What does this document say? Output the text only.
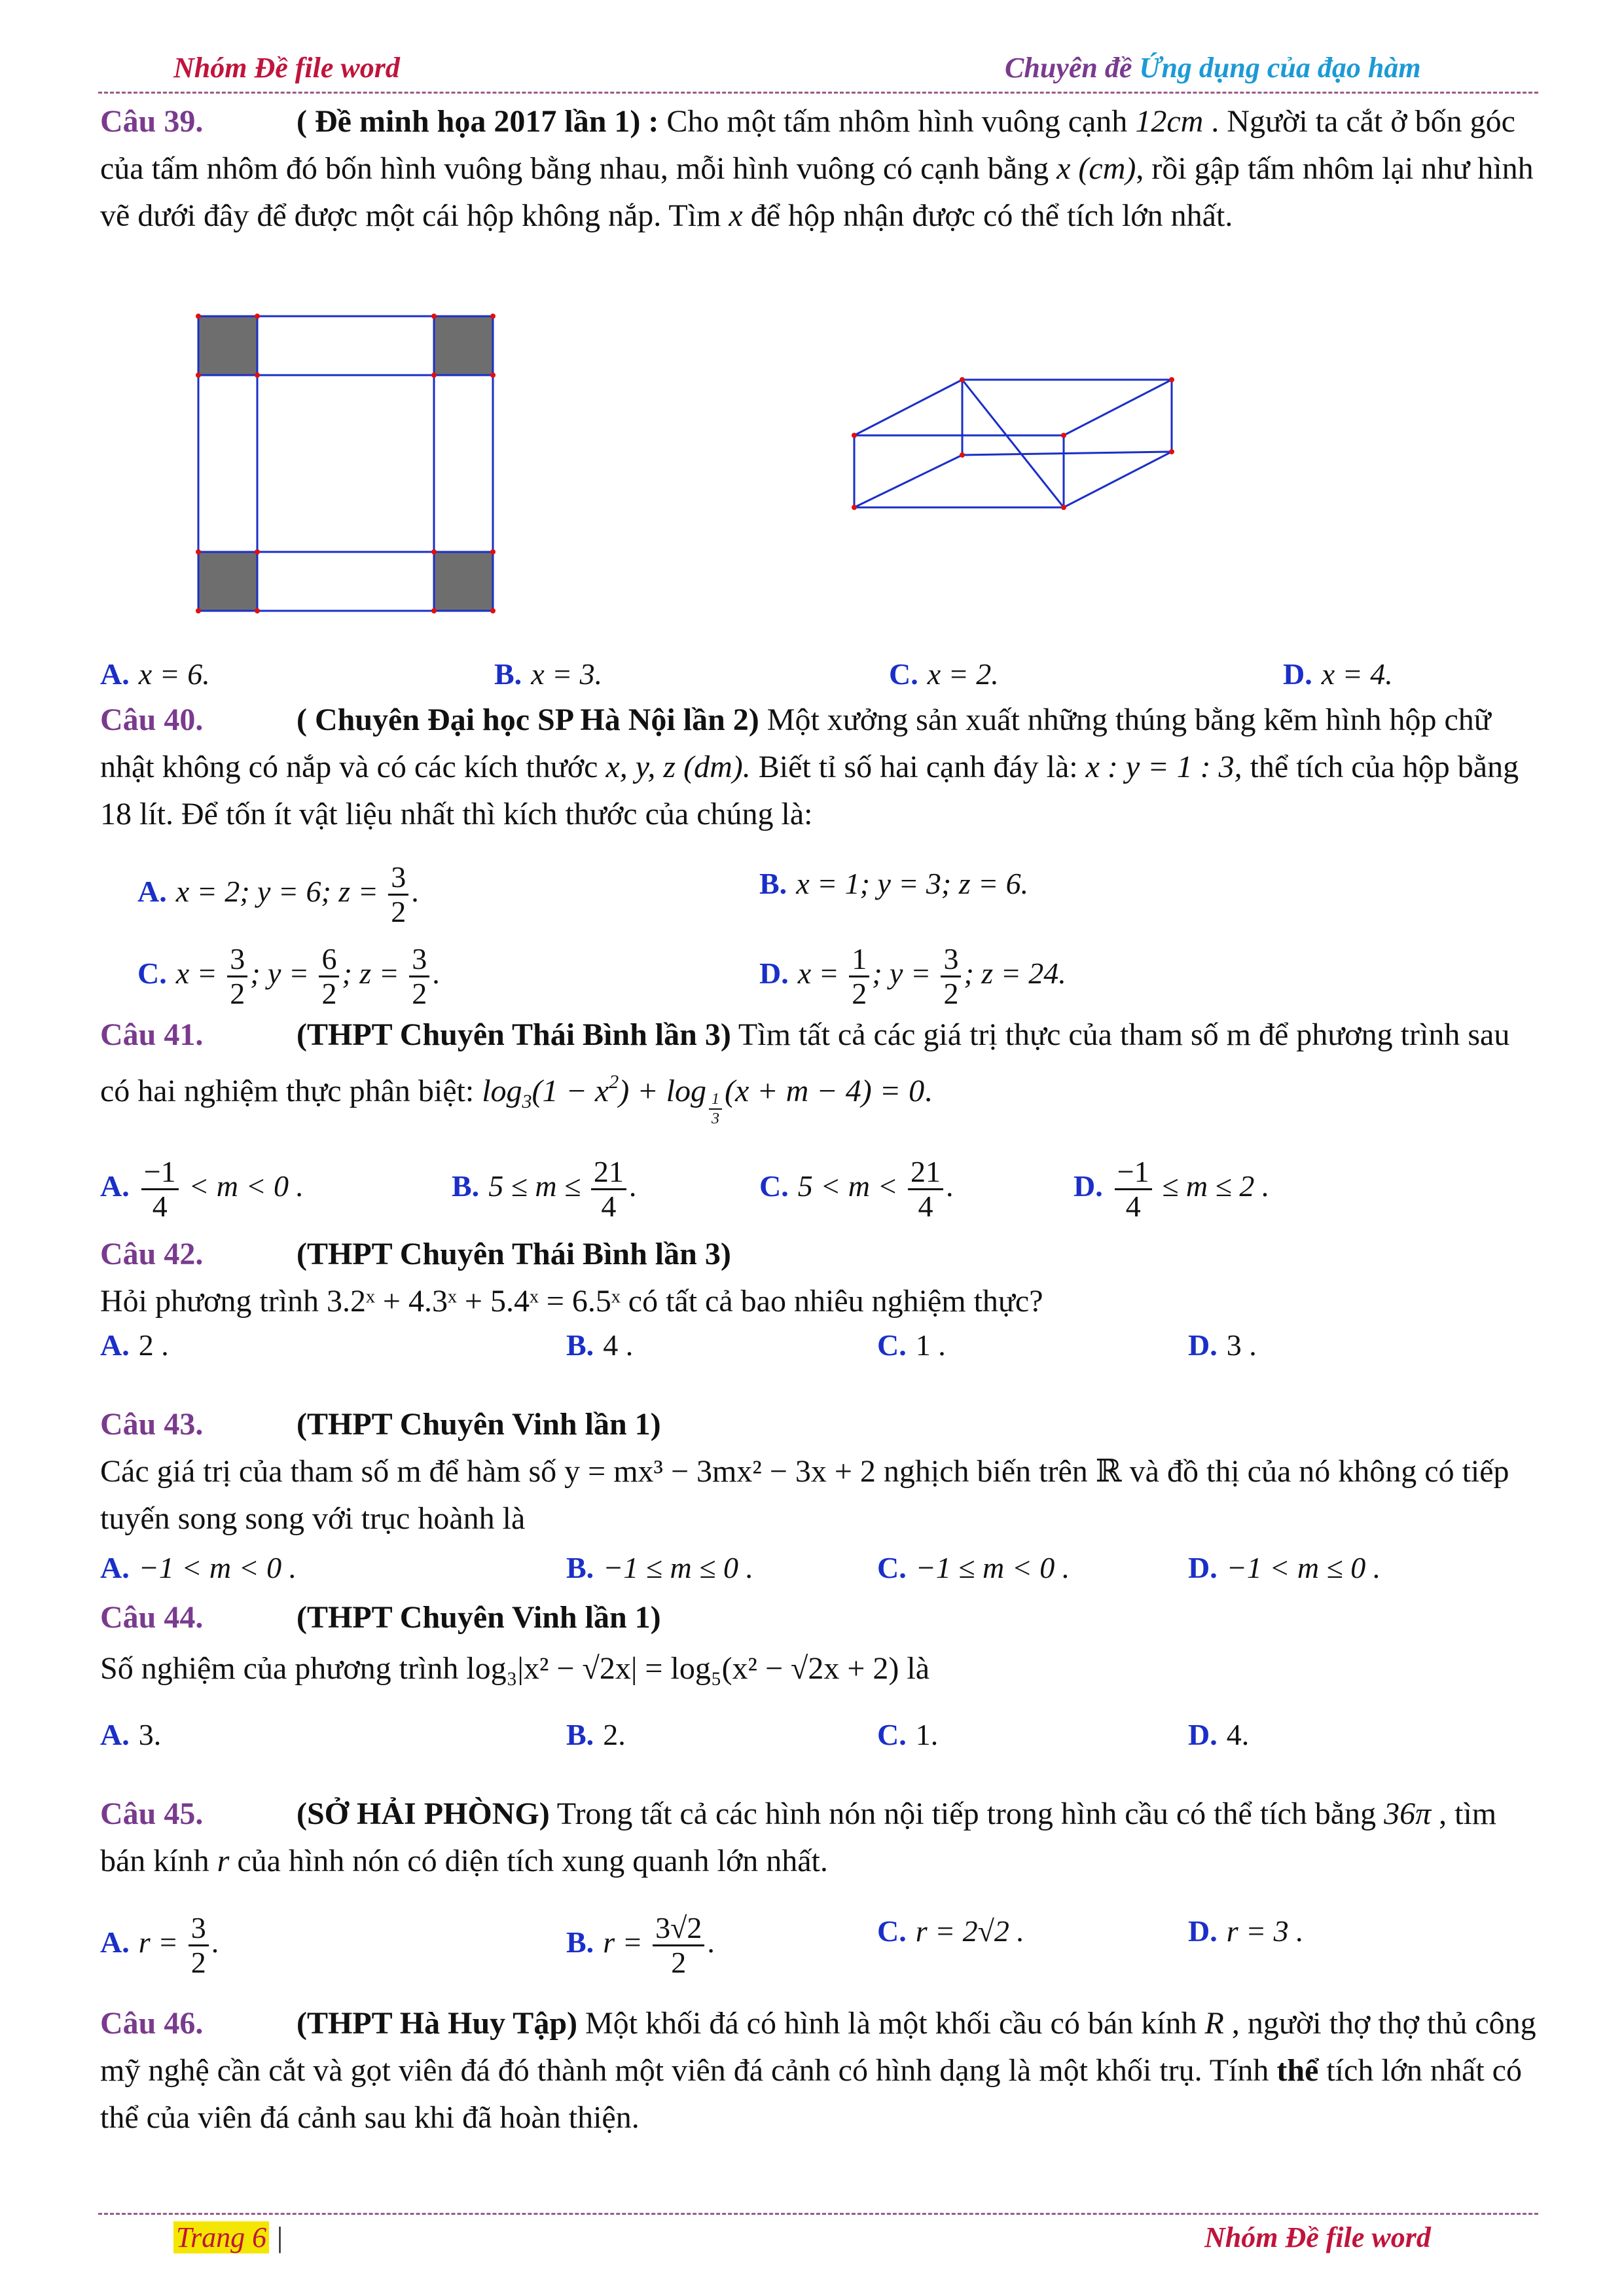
Nhóm Đề file word	Chuyên đề Ứng dụng của đạo hàm
Câu 39.	( Đề minh họa 2017 lần 1) : Cho một tấm nhôm hình vuông cạnh 12cm . Người ta cắt ở bốn góc của tấm nhôm đó bốn hình vuông bằng nhau, mỗi hình vuông có cạnh bằng x (cm), rồi gập tấm nhôm lại như hình vẽ dưới đây để được một cái hộp không nắp. Tìm x để hộp nhận được có thể tích lớn nhất.
A. x = 6.	B. x = 3.	C. x = 2.	D. x = 4.
Câu 40.	( Chuyên Đại học SP Hà Nội lần 2) Một xưởng sản xuất những thúng bằng kẽm hình hộp chữ nhật không có nắp và có các kích thước x, y, z (dm). Biết tỉ số hai cạnh đáy là: x : y = 1 : 3, thể tích của hộp bằng 18 lít. Để tốn ít vật liệu nhất thì kích thước của chúng là:
A. x = 2; y = 6; $z = \frac{3}{2}$ .	B. x = 1; y = 3; z = 6.
C. $x = \frac{3}{2}$ ; $y = \frac{6}{2}$ ; $z = \frac{3}{2}$ .	D. $x = \frac{1}{2}$ ; $y = \frac{3}{2}$ ; z = 24.
Câu 41.	(THPT Chuyên Thái Bình lần 3) Tìm tất cả các giá trị thực của tham số m để phương trình sau có hai nghiệm thực phân biệt: $\log_3(1 - x^2) + \log \frac{1}{3} (x + m - 4) = 0$.
A. $\frac{-1}{4} < m < 0$ .	B. $5 \le m \le \frac{21}{4}$ .	C. $5 < m < \frac{21}{4}$ .	D. $\frac{-1}{4} \le m \le 2$ .
Câu 42.	(THPT Chuyên Thái Bình lần 3)
Hỏi phương trình 3.2ˣ + 4.3ˣ + 5.4ˣ = 6.5ˣ có tất cả bao nhiêu nghiệm thực?
A. 2 .	B. 4 .	C. 1 .	D. 3 .
Câu 43.	(THPT Chuyên Vinh lần 1)
Các giá trị của tham số m để hàm số y = mx³ − 3mx² − 3x + 2 nghịch biến trên ℝ và đồ thị của nó không có tiếp tuyến song song với trục hoành là
A. −1 < m < 0 .	B. −1 ≤ m ≤ 0 .	C. −1 ≤ m < 0 .	D. −1 < m ≤ 0 .
Câu 44.	(THPT Chuyên Vinh lần 1)
Số nghiệm của phương trình log₃|x² − √2x| = log₅(x² − √2x + 2) là
A. 3.	B. 2.	C. 1.	D. 4.
Câu 45.	(SỞ HẢI PHÒNG) Trong tất cả các hình nón nội tiếp trong hình cầu có thể tích bằng 36π , tìm bán kính r của hình nón có diện tích xung quanh lớn nhất.
A. $r = \frac{3}{2}$ .	B. $r = \frac{3√2}{2}$ .	C. r = 2√2 .	D. r = 3 .
Câu 46.	(THPT Hà Huy Tập) Một khối đá có hình là một khối cầu có bán kính R , người thợ thợ thủ công mỹ nghệ cần cắt và gọt viên đá đó thành một viên đá cảnh có hình dạng là một khối trụ. Tính thể tích lớn nhất có thể của viên đá cảnh sau khi đã hoàn thiện.
Trang 6 |	Nhóm Đề file word
